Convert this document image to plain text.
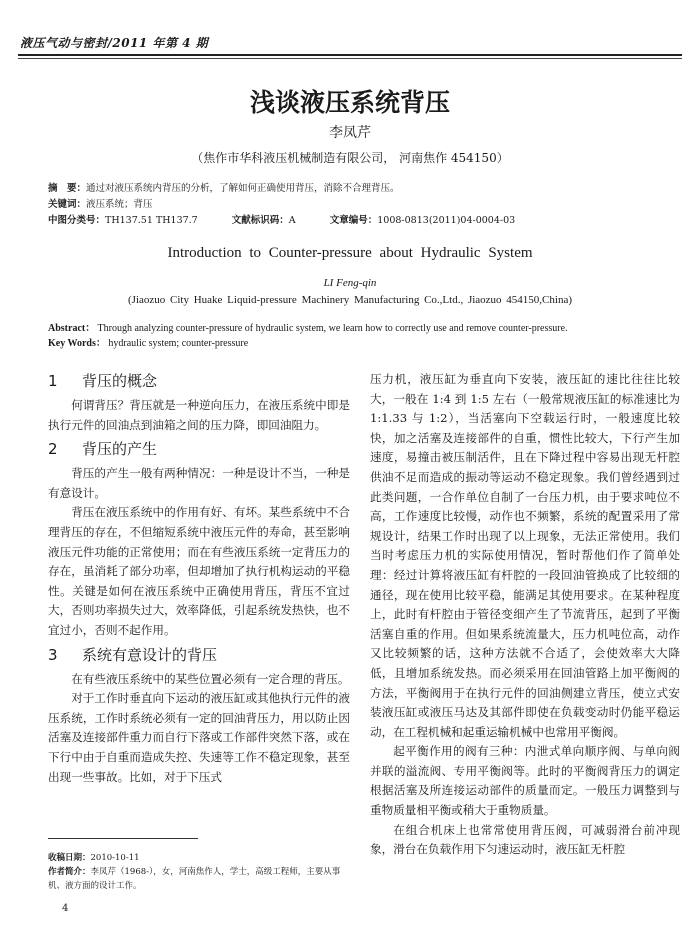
液压气动与密封/2011 年第 4 期
浅谈液压系统背压
李凤芹
（焦作市华科液压机械制造有限公司， 河南焦作 454150）
摘　要：通过对液压系统内背压的分析，了解如何正确使用背压，消除不合理背压。
关键词：液压系统；背压
中图分类号：TH137.51 TH137.7	文献标识码：A	文章编号：1008-0813(2011)04-0004-03
Introduction to Counter-pressure about Hydraulic System
LI Feng-qin
(Jiaozuo City Huake Liquid-pressure Machinery Manufacturing Co.,Ltd., Jiaozuo 454150,China)
Abstract： Through analyzing counter-pressure of hydraulic system, we learn how to correctly use and remove counter-pressure.
Key Words： hydraulic system; counter-pressure
1 背压的概念

何谓背压？背压就是一种逆向压力，在液压系统中即是执行元件的回油点到油箱之间的压力降，即回油阻力。

2 背压的产生

背压的产生一般有两种情况：一种是设计不当，一种是有意设计。

背压在液压系统中的作用有好、有坏。某些系统中不合理背压的存在，不但缩短系统中液压元件的寿命，甚至影响液压元件功能的正常使用；而在有些液压系统一定背压力的存在，虽消耗了部分功率，但却增加了执行机构运动的平稳性。关键是如何在液压系统中正确使用背压，背压不宜过大，否则功率损失过大，效率降低，引起系统发热快，也不宜过小，否则不起作用。

3 系统有意设计的背压

在有些液压系统中的某些位置必须有一定合理的背压。

对于工作时垂直向下运动的液压缸或其他执行元件的液压系统，工作时系统必须有一定的回油背压力，用以防止因活塞及连接部件重力而自行下落或工作部件突然下落，或在下行中由于自重而造成失控、失速等工作不稳定现象，甚至出现一些事故。比如，对于下压式

压力机，液压缸为垂直向下安装，液压缸的速比往往比较大，一般在 1:4 到 1:5 左右（一般常规液压缸的标准速比为 1:1.33 与 1:2），当活塞向下空载运行时，一般速度比较快，加之活塞及连接部件的自重，惯性比较大，下行产生加速度，易撞击被压制活件，且在下降过程中容易出现无杆腔供油不足而造成的振动等运动不稳定现象。我们曾经遇到过此类问题，一合作单位自制了一台压力机，由于要求吨位不高，工作速度比较慢，动作也不频繁，系统的配置采用了常规设计，结果工作时出现了以上现象，无法正常使用。我们当时考虑压力机的实际使用情况，暂时帮他们作了简单处理：经过计算将液压缸有杆腔的一段回油管换成了比较细的通径，现在使用比较平稳，能满足其使用要求。在某种程度上，此时有杆腔由于管径变细产生了节流背压，起到了平衡活塞自重的作用。但如果系统流量大，压力机吨位高，动作又比较频繁的话，这种方法就不合适了，会使效率大大降低，且增加系统发热。而必须采用在回油管路上加平衡阀的方法，平衡阀用于在执行元件的回油侧建立背压，使立式安装液压缸或液压马达及其部件即使在负载变动时仍能平稳运动，在工程机械和起重运输机械中也常用平衡阀。

起平衡作用的阀有三种：内泄式单向顺序阀、与单向阀并联的溢流阀、专用平衡阀等。此时的平衡阀背压力的调定根据活塞及所连接运动部件的质量而定。一般压力调整到与重物质量相平衡或稍大于重物质量。

在组合机床上也常常使用背压阀，可减弱滑台前冲现象，滑台在负载作用下匀速运动时，液压缸无杆腔

收稿日期：2010-10-11
作者简介：李凤芹（1968-），女，河南焦作人，学士，高级工程师，主要从事机、液方面的设计工作。
4
